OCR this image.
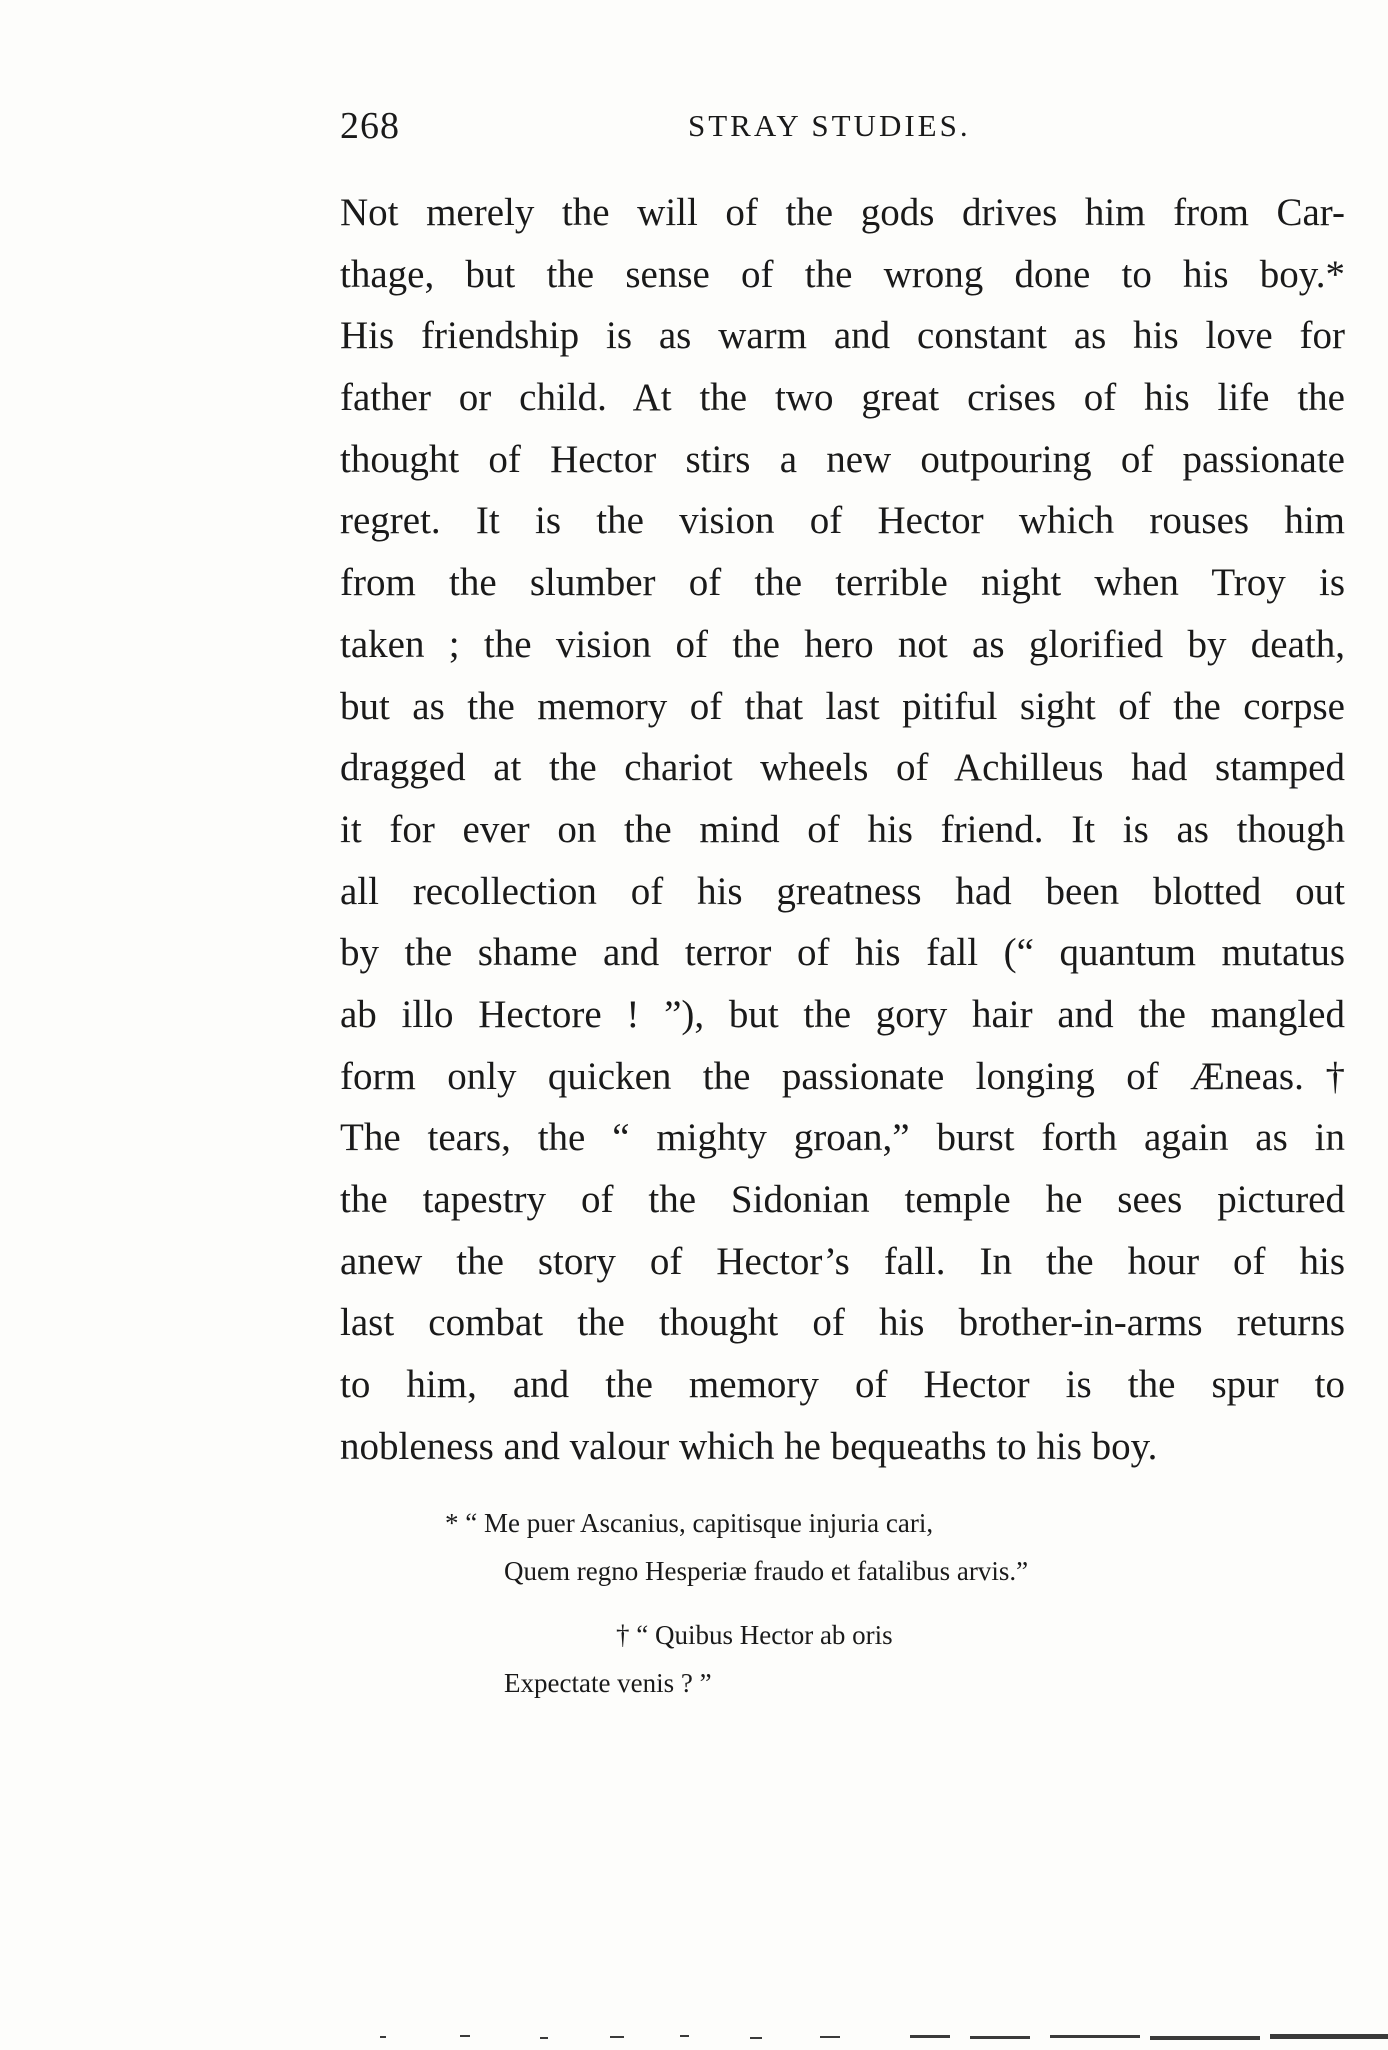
268	STRAY STUDIES.
Not merely the will of the gods drives him from Car-
thage, but the sense of the wrong done to his boy.*
His friendship is as warm and constant as his love for
father or child. At the two great crises of his life the
thought of Hector stirs a new outpouring of passionate
regret. It is the vision of Hector which rouses him
from the slumber of the terrible night when Troy is
taken ; the vision of the hero not as glorified by death,
but as the memory of that last pitiful sight of the corpse
dragged at the chariot wheels of Achilleus had stamped
it for ever on the mind of his friend. It is as though
all recollection of his greatness had been blotted out
by the shame and terror of his fall (“ quantum mutatus
ab illo Hectore ! ”), but the gory hair and the mangled
form only quicken the passionate longing of Æneas.†
The tears, the “ mighty groan,” burst forth again as in
the tapestry of the Sidonian temple he sees pictured
anew the story of Hector’s fall. In the hour of his
last combat the thought of his brother-in-arms returns
to him, and the memory of Hector is the spur to
nobleness and valour which he bequeaths to his boy.
* “ Me puer Ascanius, capitisque injuria cari,
Quem regno Hesperiæ fraudo et fatalibus arvis.”
† “ Quibus Hector ab oris
Expectate venis ? ”
